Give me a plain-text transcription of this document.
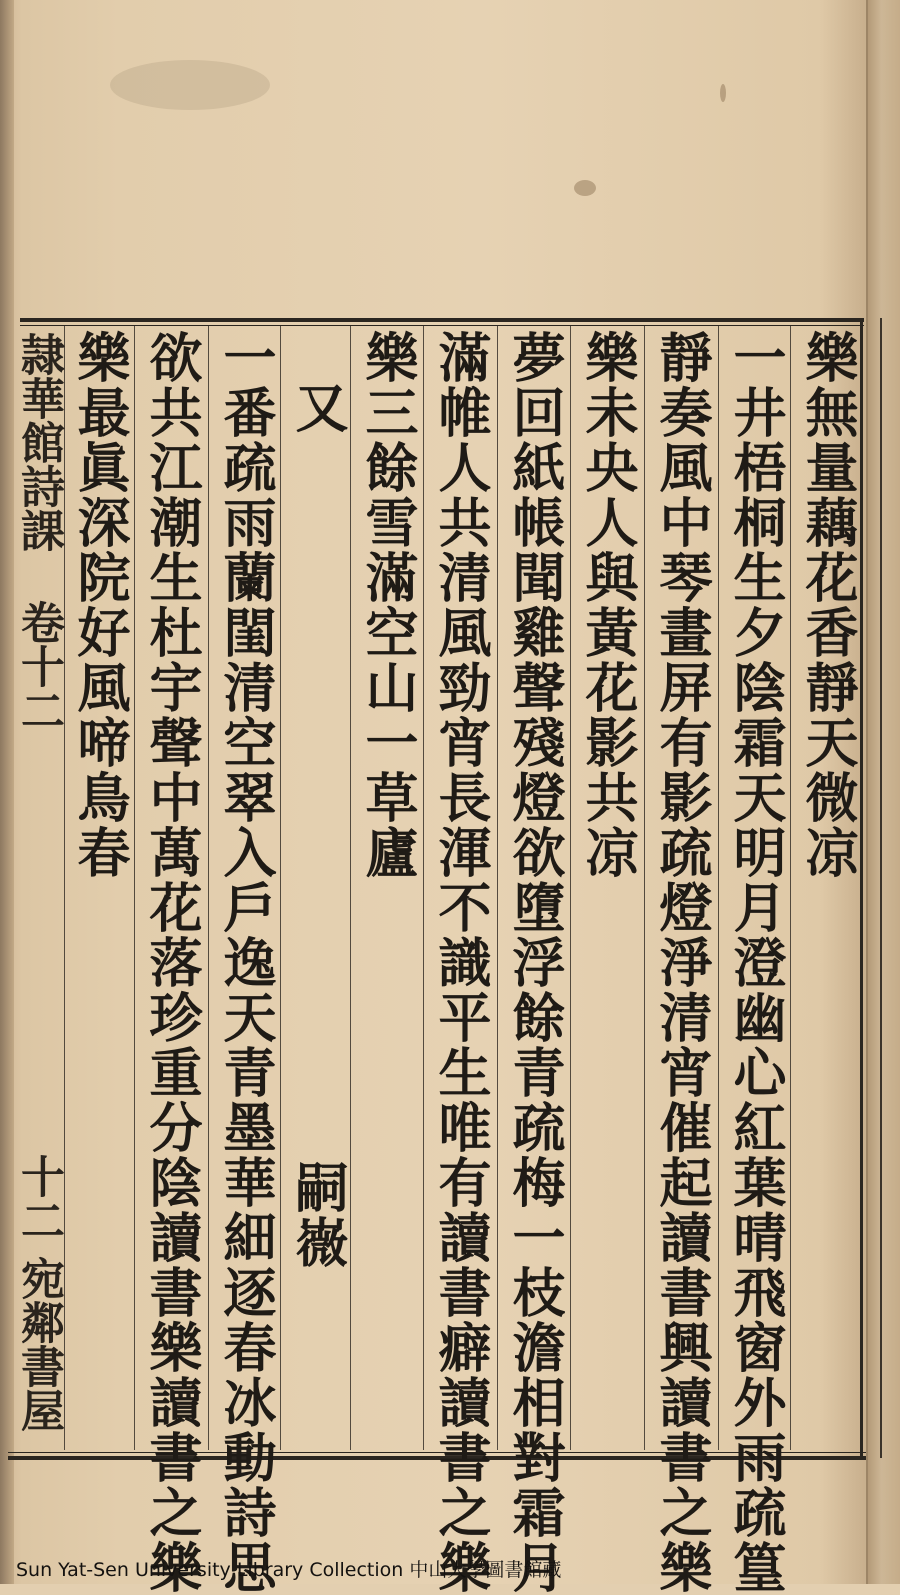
樂無量藕花香靜天微凉
一井梧桐生夕陰霜天明月澄幽心紅葉晴飛窗外雨疏篁
靜奏風中琴畫屏有影疏燈淨清宵催起讀書興讀書之樂
樂未央人與黃花影共凉
夢回紙帳聞雞聲殘燈欲墮浮餘青疏梅一枝澹相對霜月
滿帷人共清風勁宵長渾不識平生唯有讀書癖讀書之樂
樂三餘雪滿空山一草廬
又
嗣嶶
一番疏雨蘭閨清空翠入戶逸天青墨華細逐春冰動詩思
欲共江潮生杜宇聲中萬花落珍重分陰讀書樂讀書之樂
樂最眞深院好風啼鳥春
隷華館詩課
卷十二
十二
宛鄰書屋
Sun Yat-Sen University Library Collection 中山大學圖書館藏
